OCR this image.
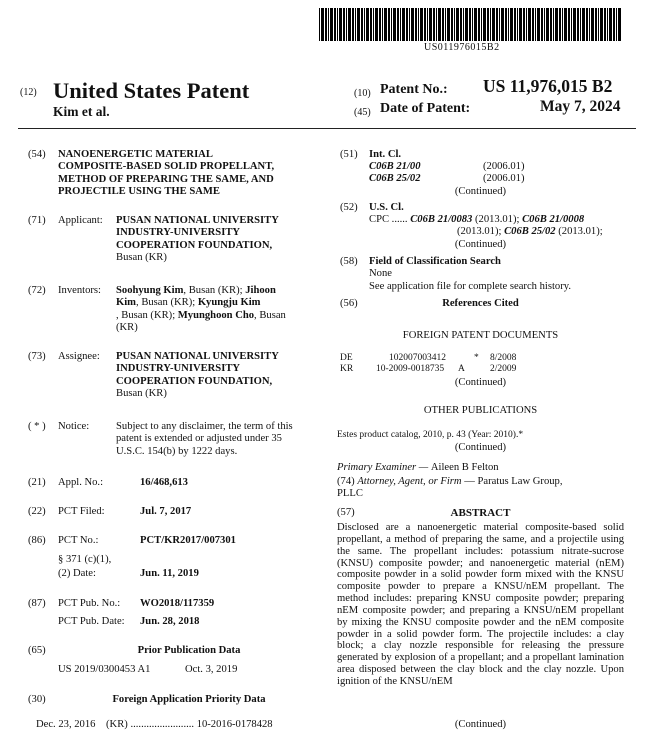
US011976015B2
(12) United States Patent
Kim et al.
(10) Patent No.: US 11,976,015 B2
(45) Date of Patent:	May 7, 2024
(54) NANOENERGETIC MATERIAL
COMPOSITE-BASED SOLID PROPELLANT,
METHOD OF PREPARING THE SAME, AND
PROJECTILE USING THE SAME
(71) Applicant: PUSAN NATIONAL UNIVERSITY
INDUSTRY-UNIVERSITY
COOPERATION FOUNDATION,
Busan (KR)
(72) Inventors: Soohyung Kim, Busan (KR); Jihoon
Kim, Busan (KR); Kyungju Kim
, Busan (KR); Myunghoon Cho, Busan
(KR)
(73) Assignee: PUSAN NATIONAL UNIVERSITY
INDUSTRY-UNIVERSITY
COOPERATION FOUNDATION,
Busan (KR)
( * ) Notice:	Subject to any disclaimer, the term of this
patent is extended or adjusted under 35
U.S.C. 154(b) by 1222 days.
(21) Appl. No.:	16/468,613
(22) PCT Filed:	Jul. 7, 2017
(86) PCT No.:	PCT/KR2017/007301
§ 371 (c)(1),
(2) Date:	Jun. 11, 2019
(87) PCT Pub. No.: WO2018/117359
PCT Pub. Date: Jun. 28, 2018
(65)	Prior Publication Data
US 2019/0300453 A1	Oct. 3, 2019
(30)	Foreign Application Priority Data
Dec. 23, 2016 (KR) ........................ 10-2016-0178428
(51) Int. Cl.
C06B 21/00	(2006.01)
C06B 25/02	(2006.01)
(Continued)
(52) U.S. Cl.
CPC ...... C06B 21/0083 (2013.01); C06B 21/0008
(2013.01); C06B 25/02 (2013.01);
(Continued)
(58) Field of Classification Search
None
See application file for complete search history.
(56)	References Cited
FOREIGN PATENT DOCUMENTS
DE	102007003412	* 8/2008
KR 10-2009-0018735 A	2/2009
(Continued)
OTHER PUBLICATIONS
Estes product catalog, 2010, p. 43 (Year: 2010).*
(Continued)
Primary Examiner — Aileen B Felton
(74) Attorney, Agent, or Firm — Paratus Law Group,
PLLC
(57)	ABSTRACT
Disclosed are a nanoenergetic material composite-based solid propellant, a method of preparing the same, and a projectile using the same. The propellant includes: potassium nitrate-sucrose (KNSU) composite powder; and nanoenergetic material (nEM) composite powder in a solid powder form mixed with the KNSU composite powder to prepare a KNSU/nEM propellant. The method includes: preparing KNSU composite powder; preparing nEM composite powder; and preparing a KNSU/nEM propellant by mixing the KNSU composite powder and the nEM composite powder in a solid powder form. The projectile includes: a clay block; a clay nozzle responsible for releasing the pressure generated by explosion of a propellant; and a propellant lamination area disposed between the clay block and the clay nozzle. Upon ignition of the KNSU/nEM
(Continued)
